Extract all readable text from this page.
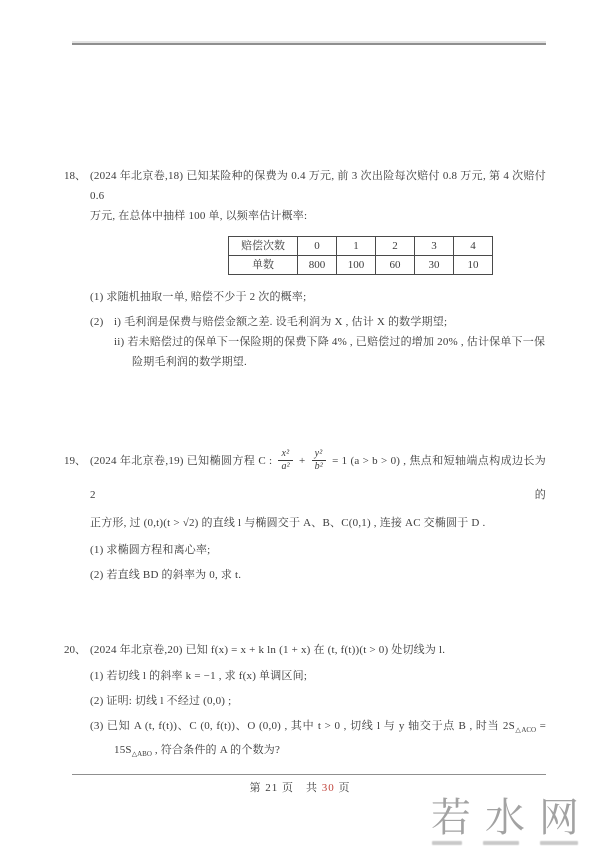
18、 (2024 年北京卷,18) 已知某险种的保费为 0.4 万元, 前 3 次出险每次赔付 0.8 万元, 第 4 次赔付 0.6
万元, 在总体中抽样 100 单, 以频率估计概率:
赔偿次数	0	1	2	3	4
单数	800	100	60	30	10
(1) 求随机抽取一单, 赔偿不少于 2 次的概率;
(2) i) 毛利润是保费与赔偿金额之差. 设毛利润为 X , 估计 X 的数学期望;
ii) 若未赔偿过的保单下一保险期的保费下降 4% , 已赔偿过的增加 20% , 估计保单下一保
险期毛利润的数学期望.
19、 (2024 年北京卷,19) 已知椭圆方程 C : $\frac{\text{x²}}{\text{a²}} + \frac{\text{y²}}{\text{b²}} = 1$ (a > b > 0) , 焦点和短轴端点构成边长为 2 的
正方形, 过 (0,t)(t > √2) 的直线 l 与椭圆交于 A、B、C(0,1) , 连接 AC 交椭圆于 D .
(1) 求椭圆方程和离心率;
(2) 若直线 BD 的斜率为 0, 求 t.
20、 (2024 年北京卷,20) 已知 f(x) = x + k ln (1 + x) 在 (t, f(t))(t > 0) 处切线为 l.
(1) 若切线 l 的斜率 k = −1 , 求 f(x) 单调区间;
(2) 证明: 切线 l 不经过 (0,0) ;
(3) 已知 A (t, f(t))、C (0, f(t))、O (0,0) , 其中 t > 0 , 切线 l 与 y 轴交于点 B , 时当 $2S_{\triangle ACO}$ =
$15S_{\triangle ABO}$ , 符合条件的 A 的个数为?
第 21 页　共 30 页
若 水 网
